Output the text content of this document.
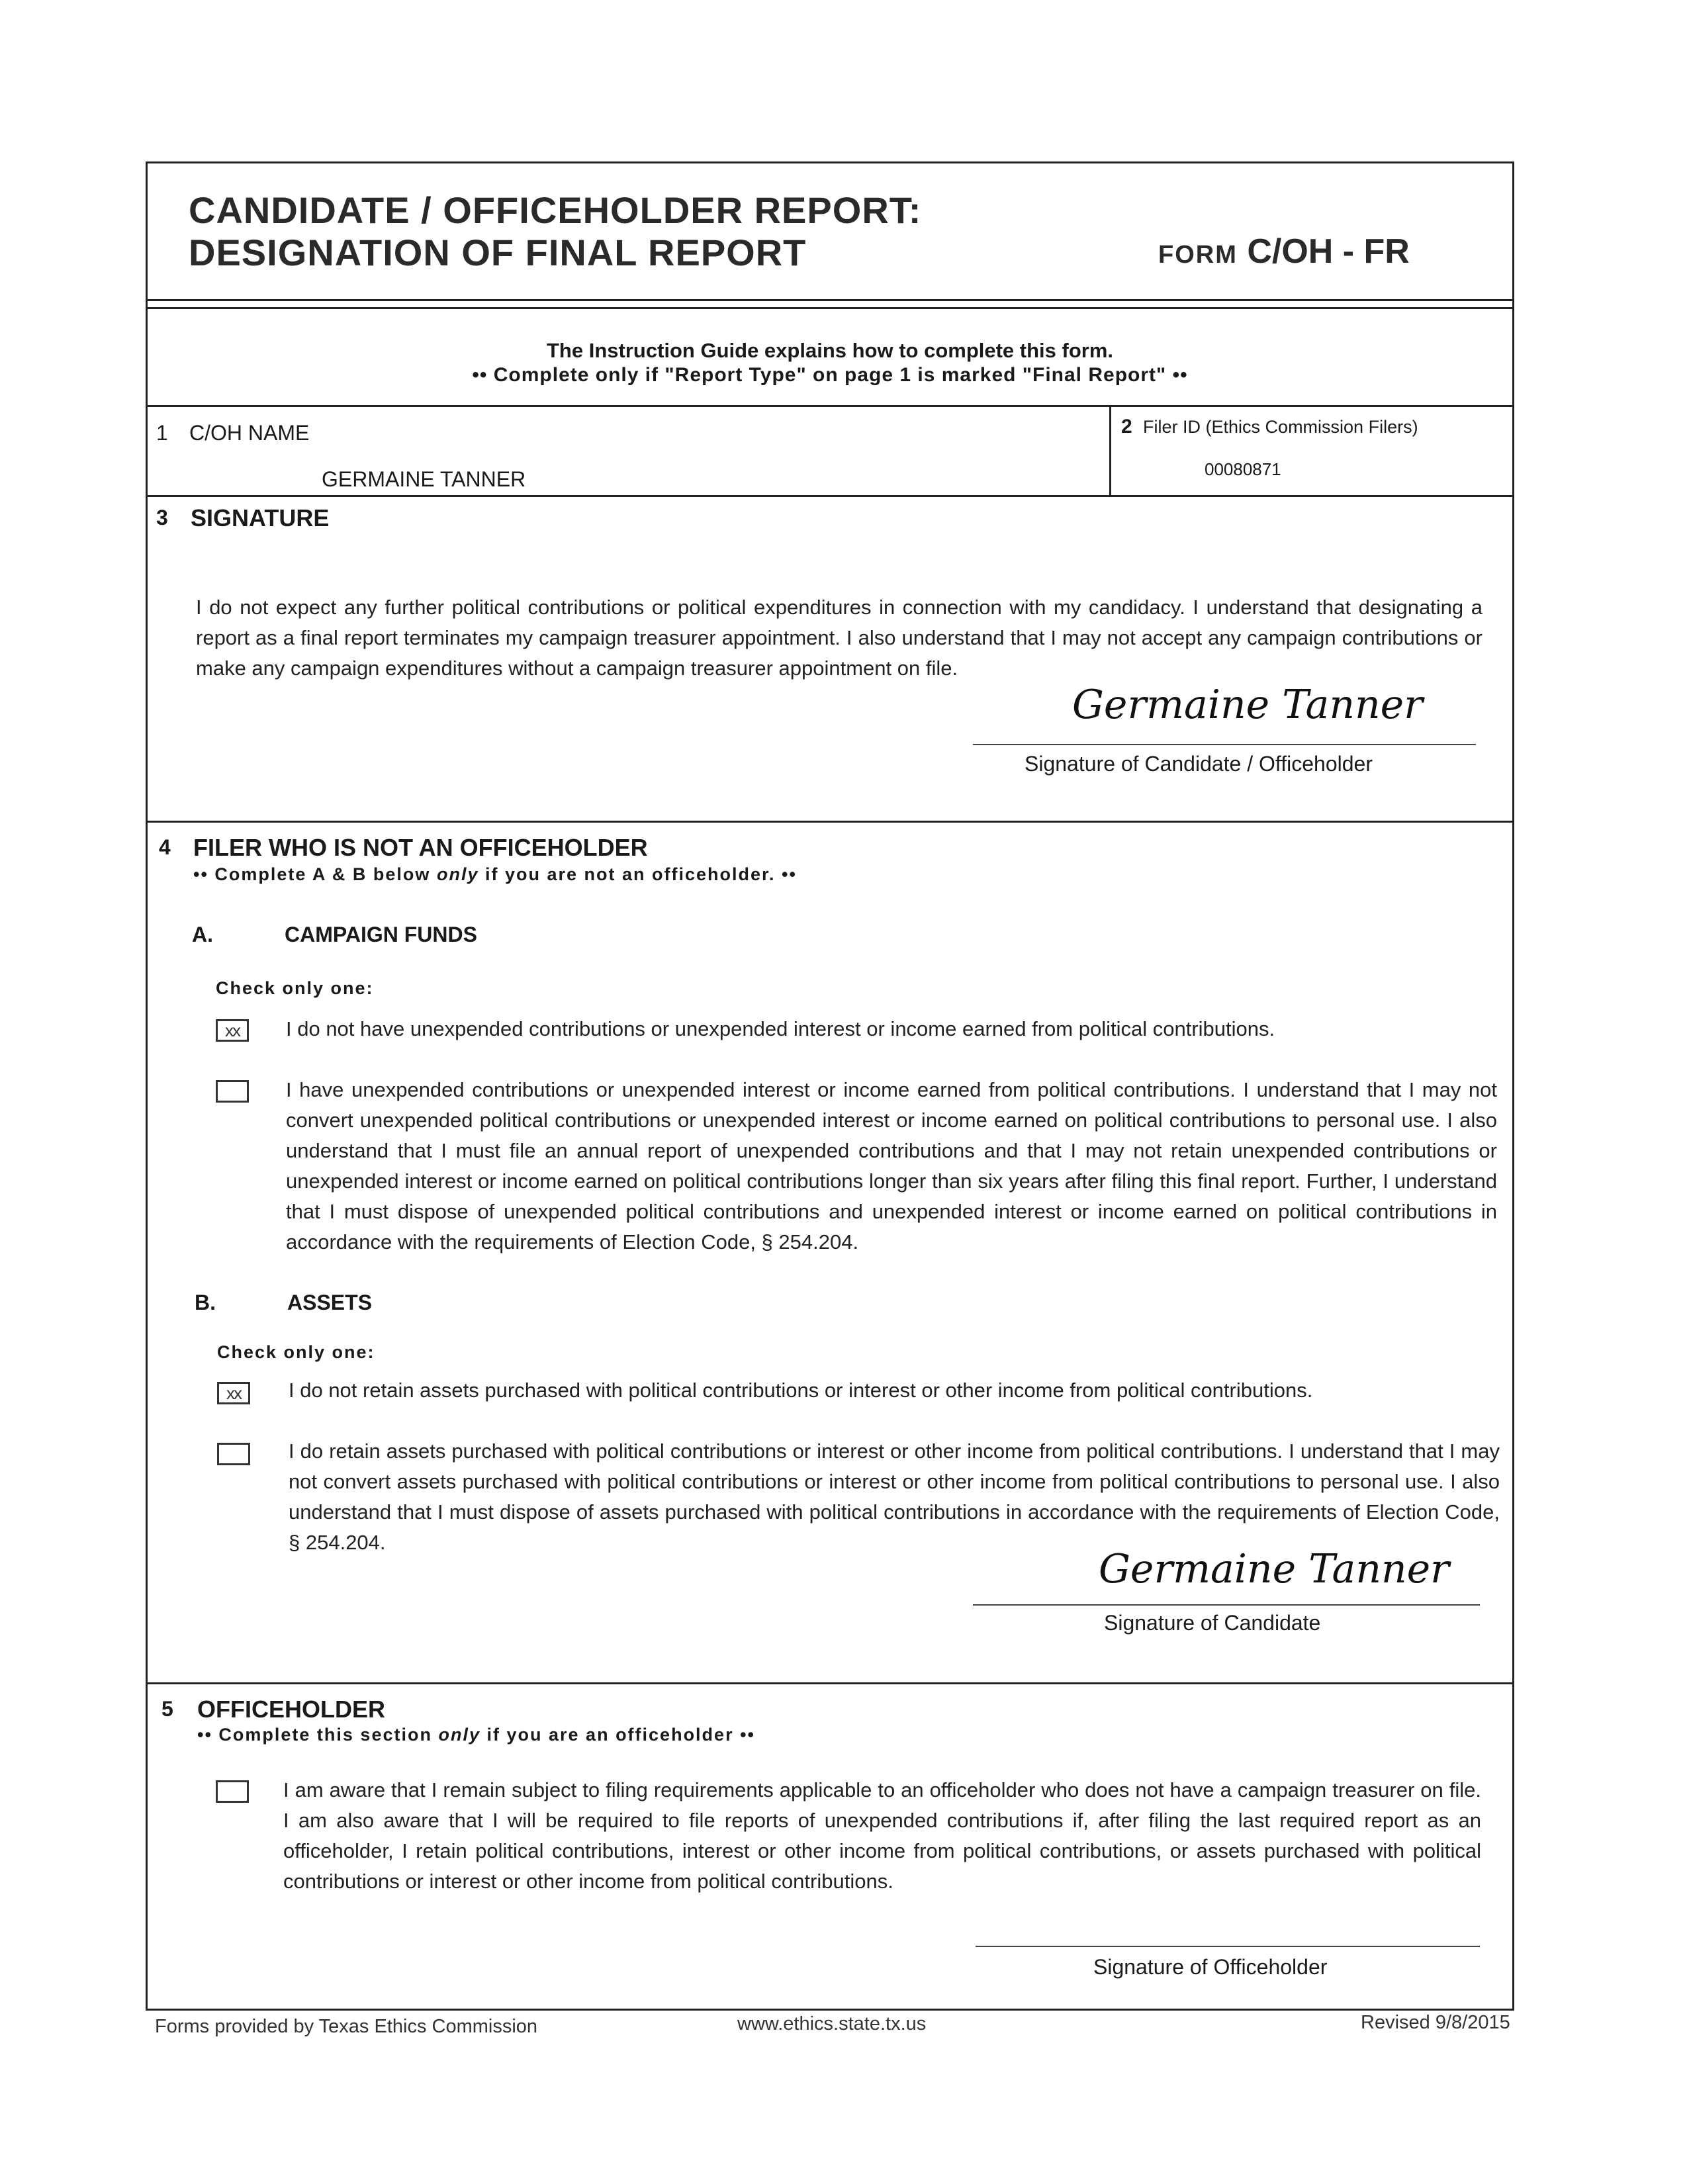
CANDIDATE / OFFICEHOLDER REPORT:
DESIGNATION OF FINAL REPORT	FORM C/OH - FR
The Instruction Guide explains how to complete this form.
•• Complete only if "Report Type" on page 1 is marked "Final Report" ••
1 C/OH NAME
GERMAINE TANNER
2 Filer ID (Ethics Commission Filers)
00080871
3 SIGNATURE
I do not expect any further political contributions or political expenditures in connection with my candidacy. I understand that designating a report as a final report terminates my campaign treasurer appointment. I also understand that I may not accept any campaign contributions or make any campaign expenditures without a campaign treasurer appointment on file.
Germaine Tanner
Signature of Candidate / Officeholder
4 FILER WHO IS NOT AN OFFICEHOLDER
•• Complete A & B below only if you are not an officeholder. ••
A.	CAMPAIGN FUNDS
Check only one:
xx	I do not have unexpended contributions or unexpended interest or income earned from political contributions.
I have unexpended contributions or unexpended interest or income earned from political contributions. I understand that I may not convert unexpended political contributions or unexpended interest or income earned on political contributions to personal use. I also understand that I must file an annual report of unexpended contributions and that I may not retain unexpended contributions or unexpended interest or income earned on political contributions longer than six years after filing this final report. Further, I understand that I must dispose of unexpended political contributions and unexpended interest or income earned on political contributions in accordance with the requirements of Election Code, § 254.204.
B.	ASSETS
Check only one:
xx	I do not retain assets purchased with political contributions or interest or other income from political contributions.
I do retain assets purchased with political contributions or interest or other income from political contributions. I understand that I may not convert assets purchased with political contributions or interest or other income from political contributions to personal use. I also understand that I must dispose of assets purchased with political contributions in accordance with the requirements of Election Code, § 254.204.
Germaine Tanner
Signature of Candidate
5 OFFICEHOLDER
•• Complete this section only if you are an officeholder ••
I am aware that I remain subject to filing requirements applicable to an officeholder who does not have a campaign treasurer on file. I am also aware that I will be required to file reports of unexpended contributions if, after filing the last required report as an officeholder, I retain political contributions, interest or other income from political contributions, or assets purchased with political contributions or interest or other income from political contributions.
Signature of Officeholder
Forms provided by Texas Ethics Commission	www.ethics.state.tx.us	Revised 9/8/2015
